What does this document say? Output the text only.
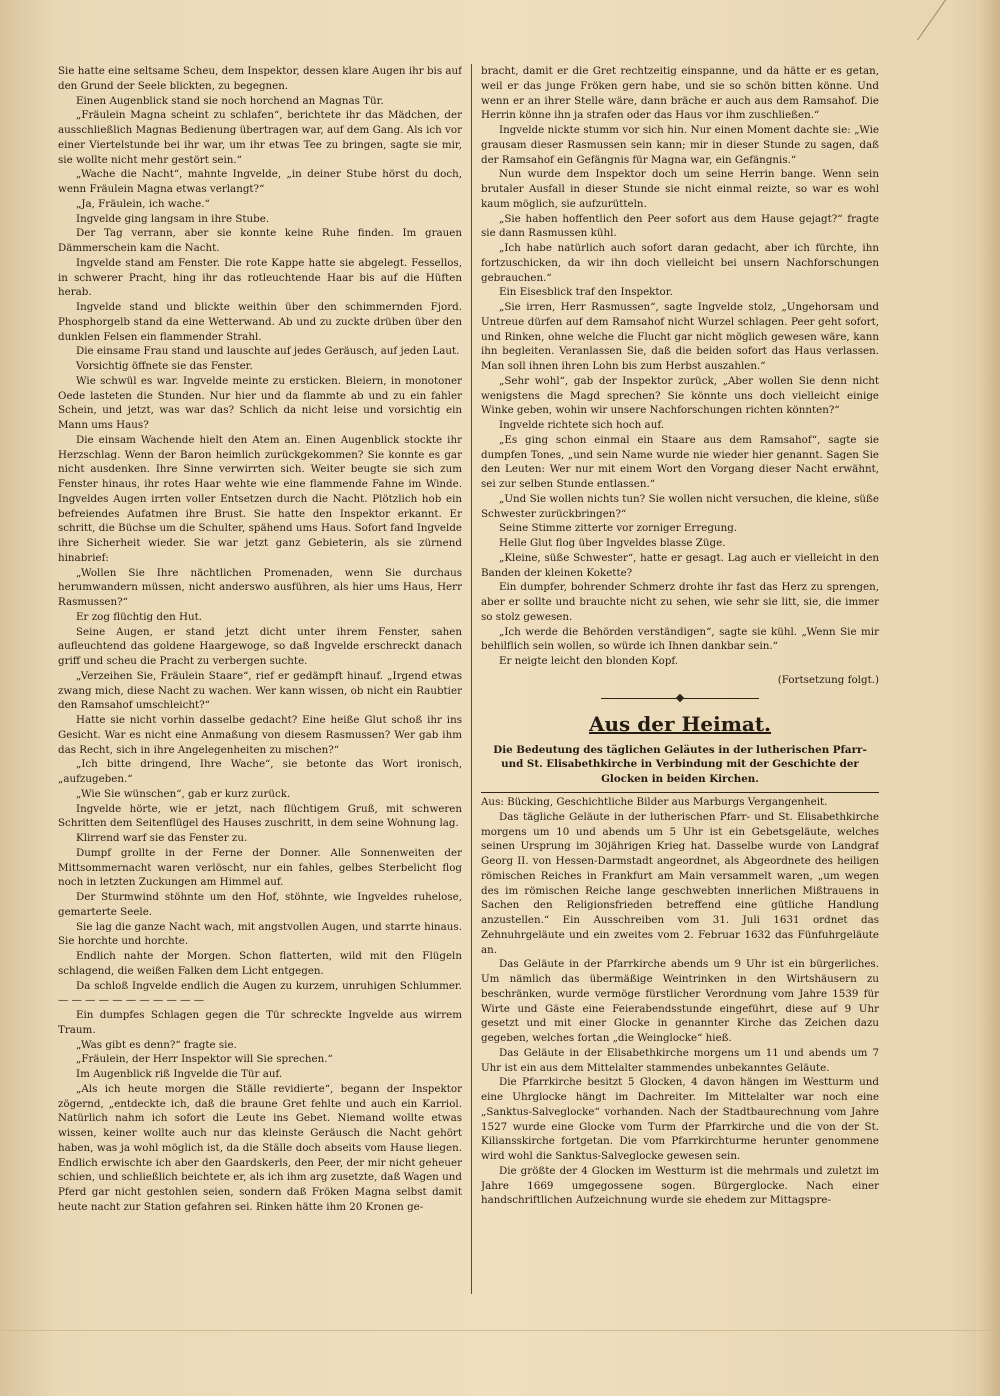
Sie hatte eine seltsame Scheu, dem Inspektor, dessen klare Augen ihr bis auf den Grund der Seele blickten, zu begegnen.

Einen Augenblick stand sie noch horchend an Magnas Tür.

„Fräulein Magna scheint zu schlafen“, berichtete ihr das Mädchen, der ausschließlich Magnas Bedienung übertragen war, auf dem Gang. Als ich vor einer Viertelstunde bei ihr war, um ihr etwas Tee zu bringen, sagte sie mir, sie wollte nicht mehr gestört sein.“

„Wache die Nacht“, mahnte Ingvelde, „in deiner Stube hörst du doch, wenn Fräulein Magna etwas verlangt?“

„Ja, Fräulein, ich wache.“

Ingvelde ging langsam in ihre Stube.

Der Tag verrann, aber sie konnte keine Ruhe finden. Im grauen Dämmerschein kam die Nacht.

Ingvelde stand am Fenster. Die rote Kappe hatte sie abgelegt. Fessellos, in schwerer Pracht, hing ihr das rotleuchtende Haar bis auf die Hüften herab.

Ingvelde stand und blickte weithin über den schimmernden Fjord. Phosphorgelb stand da eine Wetterwand. Ab und zu zuckte drüben über den dunklen Felsen ein flammender Strahl.

Die einsame Frau stand und lauschte auf jedes Geräusch, auf jeden Laut.

Vorsichtig öffnete sie das Fenster.

Wie schwül es war. Ingvelde meinte zu ersticken. Bleiern, in monotoner Oede lasteten die Stunden. Nur hier und da flammte ab und zu ein fahler Schein, und jetzt, was war das? Schlich da nicht leise und vorsichtig ein Mann ums Haus?

Die einsam Wachende hielt den Atem an. Einen Augenblick stockte ihr Herzschlag. Wenn der Baron heimlich zurückgekommen? Sie konnte es gar nicht ausdenken. Ihre Sinne verwirrten sich. Weiter beugte sie sich zum Fenster hinaus, ihr rotes Haar wehte wie eine flammende Fahne im Winde. Ingveldes Augen irrten voller Entsetzen durch die Nacht. Plötzlich hob ein befreiendes Aufatmen ihre Brust. Sie hatte den Inspektor erkannt. Er schritt, die Büchse um die Schulter, spähend ums Haus. Sofort fand Ingvelde ihre Sicherheit wieder. Sie war jetzt ganz Gebieterin, als sie zürnend hinabrief:

„Wollen Sie Ihre nächtlichen Promenaden, wenn Sie durchaus herumwandern müssen, nicht anderswo ausführen, als hier ums Haus, Herr Rasmussen?“

Er zog flüchtig den Hut.

Seine Augen, er stand jetzt dicht unter ihrem Fenster, sahen aufleuchtend das goldene Haargewoge, so daß Ingvelde erschreckt danach griff und scheu die Pracht zu verbergen suchte.

„Verzeihen Sie, Fräulein Staare“, rief er gedämpft hinauf. „Irgend etwas zwang mich, diese Nacht zu wachen. Wer kann wissen, ob nicht ein Raubtier den Ramsahof umschleicht?“

Hatte sie nicht vorhin dasselbe gedacht? Eine heiße Glut schoß ihr ins Gesicht. War es nicht eine Anmaßung von diesem Rasmussen? Wer gab ihm das Recht, sich in ihre Angelegenheiten zu mischen?“

„Ich bitte dringend, Ihre Wache“, sie betonte das Wort ironisch, „aufzugeben.“

„Wie Sie wünschen“, gab er kurz zurück.

Ingvelde hörte, wie er jetzt, nach flüchtigem Gruß, mit schweren Schritten dem Seitenflügel des Hauses zuschritt, in dem seine Wohnung lag.

Klirrend warf sie das Fenster zu.

Dumpf grollte in der Ferne der Donner. Alle Sonnenweiten der Mittsommernacht waren verlöscht, nur ein fahles, gelbes Sterbelicht flog noch in letzten Zuckungen am Himmel auf.

Der Sturmwind stöhnte um den Hof, stöhnte, wie Ingveldes ruhelose, gemarterte Seele.

Sie lag die ganze Nacht wach, mit angstvollen Augen, und starrte hinaus. Sie horchte und horchte.

Endlich nahte der Morgen. Schon flatterten, wild mit den Flügeln schlagend, die weißen Falken dem Licht entgegen.

Da schloß Ingvelde endlich die Augen zu kurzem, unruhigen Schlummer. — — — — — — — — — — —

Ein dumpfes Schlagen gegen die Tür schreckte Ingvelde aus wirrem Traum.

„Was gibt es denn?“ fragte sie.

„Fräulein, der Herr Inspektor will Sie sprechen.“

Im Augenblick riß Ingvelde die Tür auf.

„Als ich heute morgen die Ställe revidierte“, begann der Inspektor zögernd, „entdeckte ich, daß die braune Gret fehlte und auch ein Karriol. Natürlich nahm ich sofort die Leute ins Gebet. Niemand wollte etwas wissen, keiner wollte auch nur das kleinste Geräusch die Nacht gehört haben, was ja wohl möglich ist, da die Ställe doch abseits vom Hause liegen. Endlich erwischte ich aber den Gaardskerls, den Peer, der mir nicht geheuer schien, und schließlich beichtete er, als ich ihm arg zusetzte, daß Wagen und Pferd gar nicht gestohlen seien, sondern daß Fröken Magna selbst damit heute nacht zur Station gefahren sei. Rinken hätte ihm 20 Kronen ge-

bracht, damit er die Gret rechtzeitig einspanne, und da hätte er es getan, weil er das junge Fröken gern habe, und sie so schön bitten könne. Und wenn er an ihrer Stelle wäre, dann bräche er auch aus dem Ramsahof. Die Herrin könne ihn ja strafen oder das Haus vor ihm zuschließen.“

Ingvelde nickte stumm vor sich hin. Nur einen Moment dachte sie: „Wie grausam dieser Rasmussen sein kann; mir in dieser Stunde zu sagen, daß der Ramsahof ein Gefängnis für Magna war, ein Gefängnis.“

Nun wurde dem Inspektor doch um seine Herrin bange. Wenn sein brutaler Ausfall in dieser Stunde sie nicht einmal reizte, so war es wohl kaum möglich, sie aufzurütteln.

„Sie haben hoffentlich den Peer sofort aus dem Hause gejagt?“ fragte sie dann Rasmussen kühl.

„Ich habe natürlich auch sofort daran gedacht, aber ich fürchte, ihn fortzuschicken, da wir ihn doch vielleicht bei unsern Nachforschungen gebrauchen.“

Ein Eisesblick traf den Inspektor.

„Sie irren, Herr Rasmussen“, sagte Ingvelde stolz, „Ungehorsam und Untreue dürfen auf dem Ramsahof nicht Wurzel schlagen. Peer geht sofort, und Rinken, ohne welche die Flucht gar nicht möglich gewesen wäre, kann ihn begleiten. Veranlassen Sie, daß die beiden sofort das Haus verlassen. Man soll ihnen ihren Lohn bis zum Herbst auszahlen.“

„Sehr wohl“, gab der Inspektor zurück, „Aber wollen Sie denn nicht wenigstens die Magd sprechen? Sie könnte uns doch vielleicht einige Winke geben, wohin wir unsere Nachforschungen richten könnten?“

Ingvelde richtete sich hoch auf.

„Es ging schon einmal ein Staare aus dem Ramsahof“, sagte sie dumpfen Tones, „und sein Name wurde nie wieder hier genannt. Sagen Sie den Leuten: Wer nur mit einem Wort den Vorgang dieser Nacht erwähnt, sei zur selben Stunde entlassen.“

„Und Sie wollen nichts tun? Sie wollen nicht versuchen, die kleine, süße Schwester zurückbringen?“

Seine Stimme zitterte vor zorniger Erregung.

Helle Glut flog über Ingveldes blasse Züge.

„Kleine, süße Schwester“, hatte er gesagt. Lag auch er vielleicht in den Banden der kleinen Kokette?

Ein dumpfer, bohrender Schmerz drohte ihr fast das Herz zu sprengen, aber er sollte und brauchte nicht zu sehen, wie sehr sie litt, sie, die immer so stolz gewesen.

„Ich werde die Behörden verständigen“, sagte sie kühl. „Wenn Sie mir behilflich sein wollen, so würde ich Ihnen dankbar sein.“

Er neigte leicht den blonden Kopf.

(Fortsetzung folgt.)

Aus der Heimat.

Die Bedeutung des täglichen Geläutes in der lutherischen Pfarr- und St. Elisabethkirche in Verbindung mit der Geschichte der Glocken in beiden Kirchen.

Aus: Bücking, Geschichtliche Bilder aus Marburgs Vergangenheit.

Das tägliche Geläute in der lutherischen Pfarr- und St. Elisabethkirche morgens um 10 und abends um 5 Uhr ist ein Gebetsgeläute, welches seinen Ursprung im 30jährigen Krieg hat. Dasselbe wurde von Landgraf Georg II. von Hessen-Darmstadt angeordnet, als Abgeordnete des heiligen römischen Reiches in Frankfurt am Main versammelt waren, „um wegen des im römischen Reiche lange geschwebten innerlichen Mißtrauens in Sachen den Religionsfrieden betreffend eine gütliche Handlung anzustellen.“ Ein Ausschreiben vom 31. Juli 1631 ordnet das Zehnuhrgeläute und ein zweites vom 2. Februar 1632 das Fünfuhrgeläute an.

Das Geläute in der Pfarrkirche abends um 9 Uhr ist ein bürgerliches. Um nämlich das übermäßige Weintrinken in den Wirtshäusern zu beschränken, wurde vermöge fürstlicher Verordnung vom Jahre 1539 für Wirte und Gäste eine Feierabendsstunde eingeführt, diese auf 9 Uhr gesetzt und mit einer Glocke in genannter Kirche das Zeichen dazu gegeben, welches fortan „die Weinglocke“ hieß.

Das Geläute in der Elisabethkirche morgens um 11 und abends um 7 Uhr ist ein aus dem Mittelalter stammendes unbekanntes Geläute.

Die Pfarrkirche besitzt 5 Glocken, 4 davon hängen im Westturm und eine Uhrglocke hängt im Dachreiter. Im Mittelalter war noch eine „Sanktus-Salveglocke“ vorhanden. Nach der Stadtbaurechnung vom Jahre 1527 wurde eine Glocke vom Turm der Pfarrkirche und die von der St. Kiliansskirche fortgetan. Die vom Pfarrkirchturme herunter genommene wird wohl die Sanktus-Salveglocke gewesen sein.

Die größte der 4 Glocken im Westturm ist die mehrmals und zuletzt im Jahre 1669 umgegossene sogen. Bürgerglocke. Nach einer handschriftlichen Aufzeichnung wurde sie ehedem zur Mittagspre-
